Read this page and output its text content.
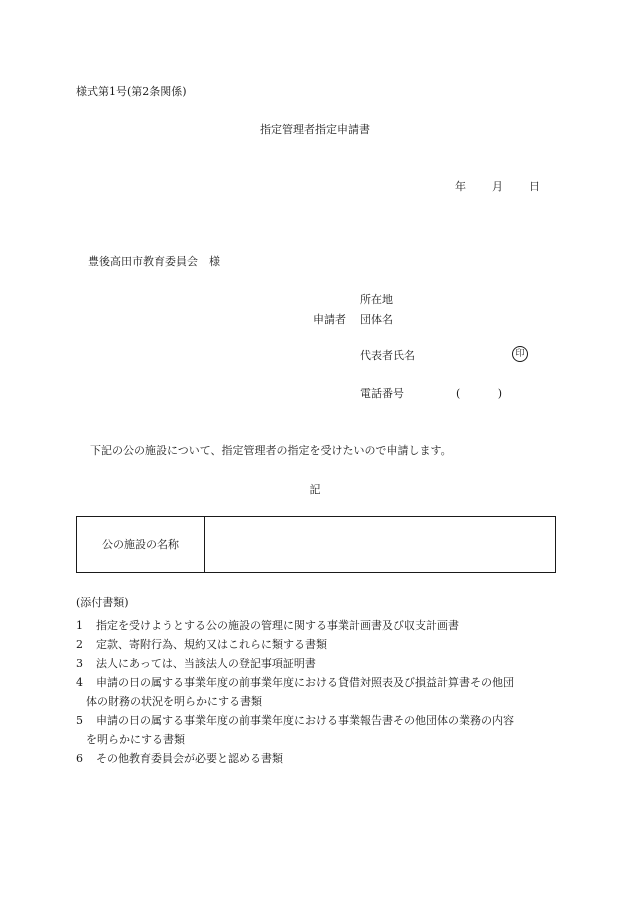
様式第1号(第2条関係)
指定管理者指定申請書
年 月 日
豊後高田市教育委員会　様
所在地
申請者 団体名
代表者氏名	印
電話番号	(	)
下記の公の施設について、指定管理者の指定を受けたいので申請します。
記
公の施設の名称
(添付書類)
1 指定を受けようとする公の施設の管理に関する事業計画書及び収支計画書
2 定款、寄附行為、規約又はこれらに類する書類
3 法人にあっては、当該法人の登記事項証明書
4 申請の日の属する事業年度の前事業年度における貸借対照表及び損益計算書その他団
体の財務の状況を明らかにする書類
5 申請の日の属する事業年度の前事業年度における事業報告書その他団体の業務の内容
を明らかにする書類
6 その他教育委員会が必要と認める書類
